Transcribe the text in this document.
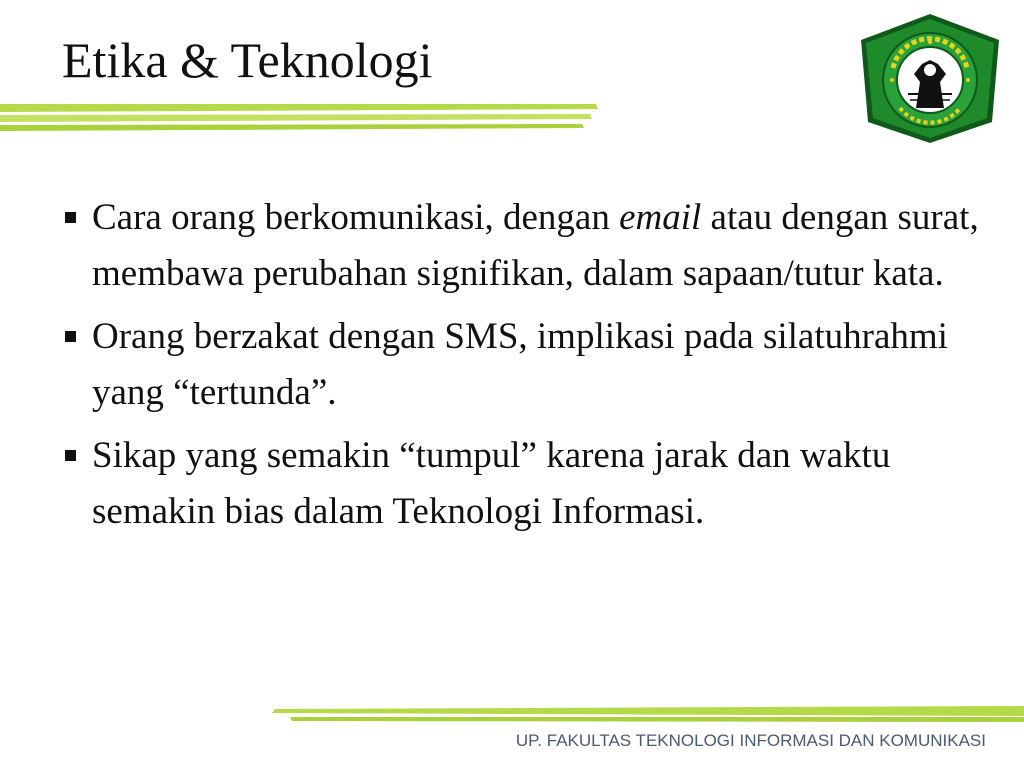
Etika & Teknologi
Cara orang berkomunikasi, dengan email atau dengan surat, membawa perubahan signifikan, dalam sapaan/tutur kata.
Orang berzakat dengan SMS, implikasi pada silatuhrahmi yang “tertunda”.
Sikap yang semakin “tumpul” karena jarak dan waktu semakin bias dalam Teknologi Informasi.
UP. FAKULTAS TEKNOLOGI INFORMASI DAN KOMUNIKASI
